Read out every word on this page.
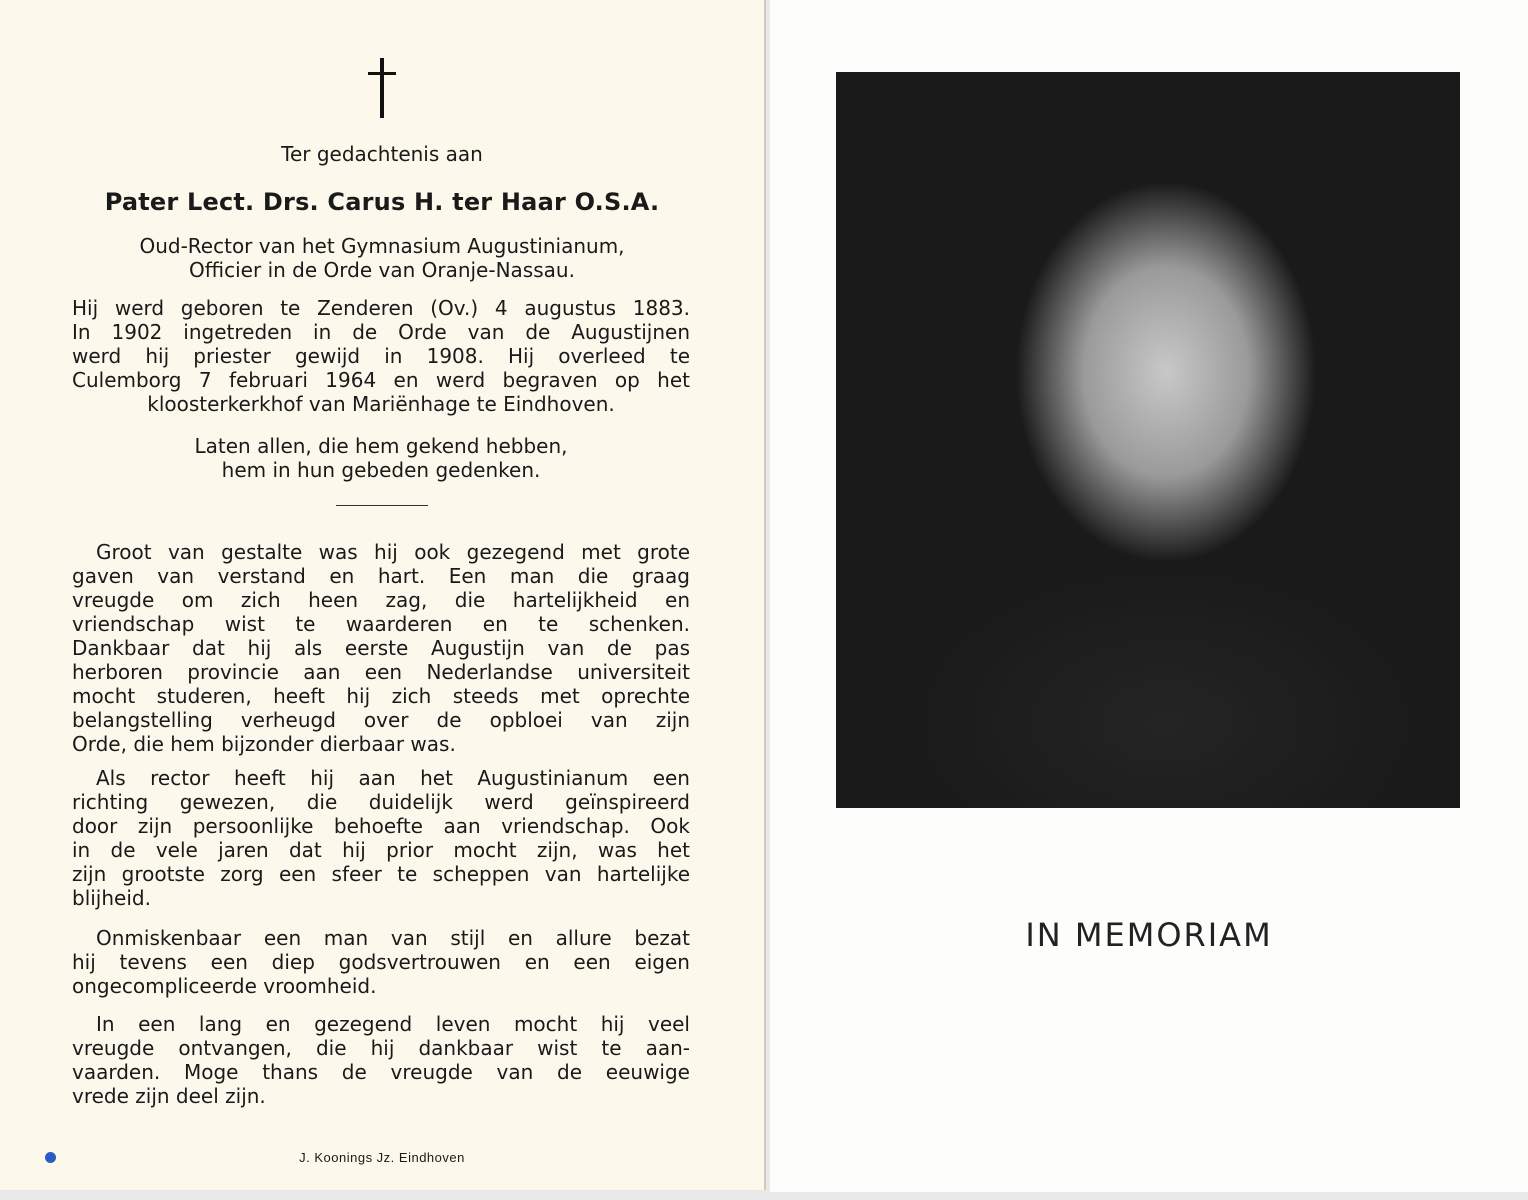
Ter gedachtenis aan
Pater Lect. Drs. Carus H. ter Haar O.S.A.
Oud-Rector van het Gymnasium Augustinianum,
Officier in de Orde van Oranje-Nassau.
Hij werd geboren te Zenderen (Ov.) 4 augustus 1883.
In 1902 ingetreden in de Orde van de Augustijnen
werd hij priester gewijd in 1908. Hij overleed te
Culemborg 7 februari 1964 en werd begraven op het
kloosterkerkhof van Mariënhage te Eindhoven.
Laten allen, die hem gekend hebben,
hem in hun gebeden gedenken.
Groot van gestalte was hij ook gezegend met grote
gaven van verstand en hart. Een man die graag
vreugde om zich heen zag, die hartelijkheid en
vriendschap wist te waarderen en te schenken.
Dankbaar dat hij als eerste Augustijn van de pas
herboren provincie aan een Nederlandse universiteit
mocht studeren, heeft hij zich steeds met oprechte
belangstelling verheugd over de opbloei van zijn
Orde, die hem bijzonder dierbaar was.
Als rector heeft hij aan het Augustinianum een
richting gewezen, die duidelijk werd geïnspireerd
door zijn persoonlijke behoefte aan vriendschap. Ook
in de vele jaren dat hij prior mocht zijn, was het
zijn grootste zorg een sfeer te scheppen van hartelijke
blijheid.
Onmiskenbaar een man van stijl en allure bezat
hij tevens een diep godsvertrouwen en een eigen
ongecompliceerde vroomheid.
In een lang en gezegend leven mocht hij veel
vreugde ontvangen, die hij dankbaar wist te aan-
vaarden. Moge thans de vreugde van de eeuwige
vrede zijn deel zijn.
J. Koonings Jz. Eindhoven
IN MEMORIAM
